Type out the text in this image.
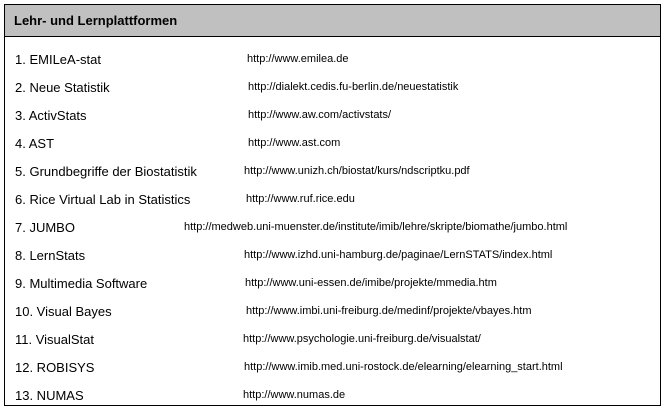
Lehr- und Lernplattformen
1. EMILeA-stat	http://www.emilea.de
2. Neue Statistik	http://dialekt.cedis.fu-berlin.de/neuestatistik
3. ActivStats	http://www.aw.com/activstats/
4. AST	http://www.ast.com
5. Grundbegriffe der Biostatistik	http://www.unizh.ch/biostat/kurs/ndscriptku.pdf
6. Rice Virtual Lab in Statistics	http://www.ruf.rice.edu
7. JUMBO	http://medweb.uni-muenster.de/institute/imib/lehre/skripte/biomathe/jumbo.html
8. LernStats	http://www.izhd.uni-hamburg.de/paginae/LernSTATS/index.html
9. Multimedia Software	http://www.uni-essen.de/imibe/projekte/mmedia.htm
10. Visual Bayes	http://www.imbi.uni-freiburg.de/medinf/projekte/vbayes.htm
11. VisualStat	http://www.psychologie.uni-freiburg.de/visualstat/
12. ROBISYS	http://www.imib.med.uni-rostock.de/elearning/elearning_start.html
13. NUMAS	http://www.numas.de
